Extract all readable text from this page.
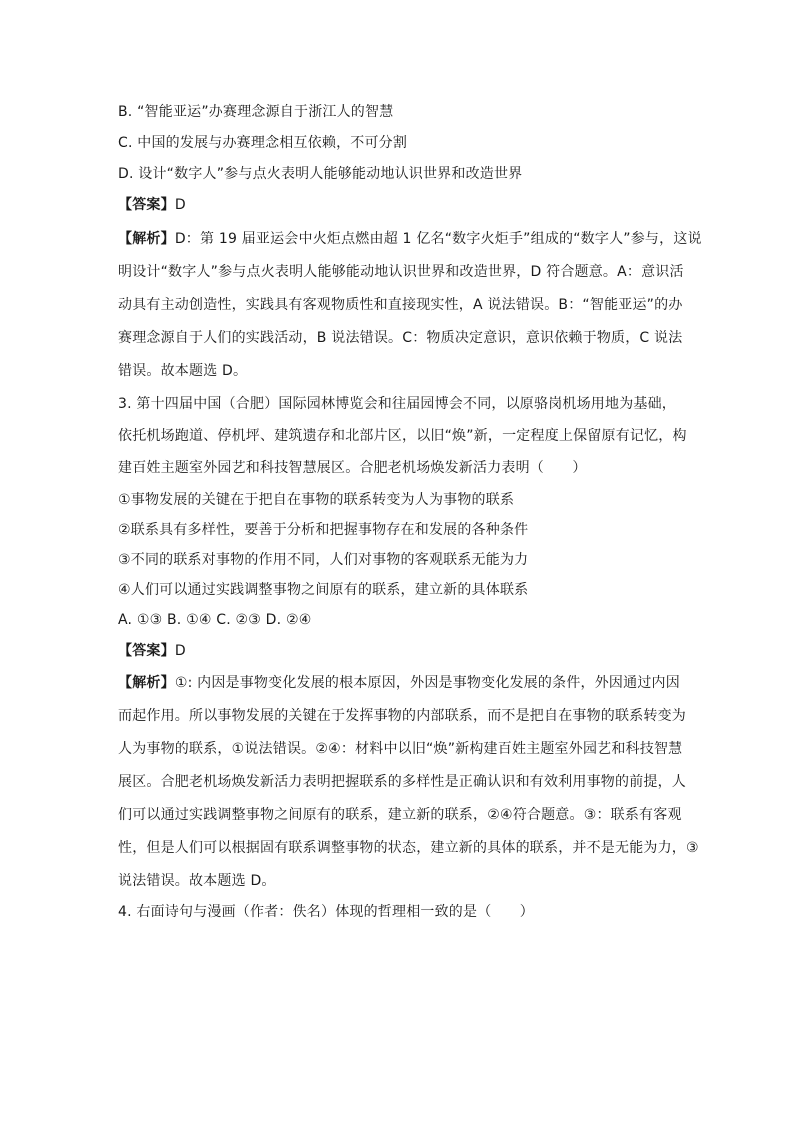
B. “智能亚运”办赛理念源自于浙江人的智慧
C. 中国的发展与办赛理念相互依赖，不可分割
D. 设计“数字人”参与点火表明人能够能动地认识世界和改造世界
【答案】D
【解析】D：第 19 届亚运会中火炬点燃由超 1 亿名“数字火炬手”组成的“数字人”参与，这说
明设计“数字人”参与点火表明人能够能动地认识世界和改造世界，D 符合题意。A：意识活
动具有主动创造性，实践具有客观物质性和直接现实性，A 说法错误。B：“智能亚运”的办
赛理念源自于人们的实践活动，B 说法错误。C：物质决定意识，意识依赖于物质，C 说法
错误。故本题选 D。
3. 第十四届中国（合肥）国际园林博览会和往届园博会不同，以原骆岗机场用地为基础，
依托机场跑道、停机坪、建筑遗存和北部片区，以旧“焕”新，一定程度上保留原有记忆，构
建百姓主题室外园艺和科技智慧展区。合肥老机场焕发新活力表明（　　）
①事物发展的关键在于把自在事物的联系转变为人为事物的联系
②联系具有多样性，要善于分析和把握事物存在和发展的各种条件
③不同的联系对事物的作用不同，人们对事物的客观联系无能为力
④人们可以通过实践调整事物之间原有的联系，建立新的具体联系
A. ①③ B. ①④ C. ②③ D. ②④
【答案】D
【解析】①: 内因是事物变化发展的根本原因，外因是事物变化发展的条件，外因通过内因
而起作用。所以事物发展的关键在于发挥事物的内部联系，而不是把自在事物的联系转变为
人为事物的联系，①说法错误。②④：材料中以旧“焕”新构建百姓主题室外园艺和科技智慧
展区。合肥老机场焕发新活力表明把握联系的多样性是正确认识和有效利用事物的前提，人
们可以通过实践调整事物之间原有的联系，建立新的联系，②④符合题意。③：联系有客观
性，但是人们可以根据固有联系调整事物的状态，建立新的具体的联系，并不是无能为力，③
说法错误。故本题选 D。
4. 右面诗句与漫画（作者：佚名）体现的哲理相一致的是（　　）
